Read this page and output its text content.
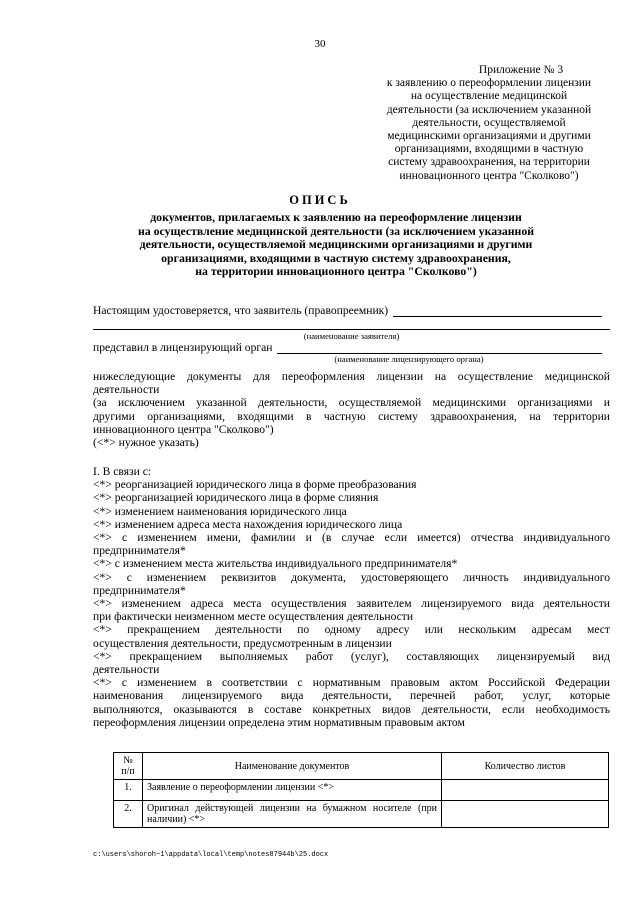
30
Приложение № 3
к заявлению о переоформлении лицензии
на осуществление медицинской
деятельности (за исключением указанной
деятельности, осуществляемой
медицинскими организациями и другими
организациями, входящими в частную
систему здравоохранения, на территории
инновационного центра "Сколково")
ОПИСЬ
документов, прилагаемых к заявлению на переоформление лицензии
на осуществление медицинской деятельности (за исключением указанной
деятельности, осуществляемой медицинскими организациями и другими
организациями, входящими в частную систему здравоохранения,
на территории инновационного центра "Сколково")
Настоящим удостоверяется, что заявитель (правопреемник)
(наименование заявителя)
представил в лицензирующий орган
(наименование лицензирующего органа)
нижеследующие документы для переоформления лицензии на осуществление медицинской
деятельности
(за исключением указанной деятельности, осуществляемой медицинскими организациями и
другими организациями, входящими в частную систему здравоохранения, на территории
инновационного центра "Сколково")
(<*> нужное указать)
I. В связи с:
<*> реорганизацией юридического лица в форме преобразования
<*> реорганизацией юридического лица в форме слияния
<*> изменением наименования юридического лица
<*> изменением адреса места нахождения юридического лица
<*> с изменением имени, фамилии и (в случае если имеется) отчества индивидуального
предпринимателя*
<*> с изменением места жительства индивидуального предпринимателя*
<*> с изменением реквизитов документа, удостоверяющего личность индивидуального
предпринимателя*
<*> изменением адреса места осуществления заявителем лицензируемого вида деятельности
при фактически неизменном месте осуществления деятельности
<*> прекращением деятельности по одному адресу или нескольким адресам мест
осуществления деятельности, предусмотренным в лицензии
<*> прекращением выполняемых работ (услуг), составляющих лицензируемый вид
деятельности
<*> с изменением в соответствии с нормативным правовым актом Российской Федерации
наименования лицензируемого вида деятельности, перечней работ, услуг, которые
выполняются, оказываются в составе конкретных видов деятельности, если необходимость
переоформления лицензии определена этим нормативным правовым актом
№ п/п	Наименование документов	Количество листов
1.	Заявление о переоформлении лицензии <*>	
2.	Оригинал действующей лицензии на бумажном носителе (при наличии) <*>	
c:\users\shoroh~1\appdata\local\temp\notes87944b\25.docx
